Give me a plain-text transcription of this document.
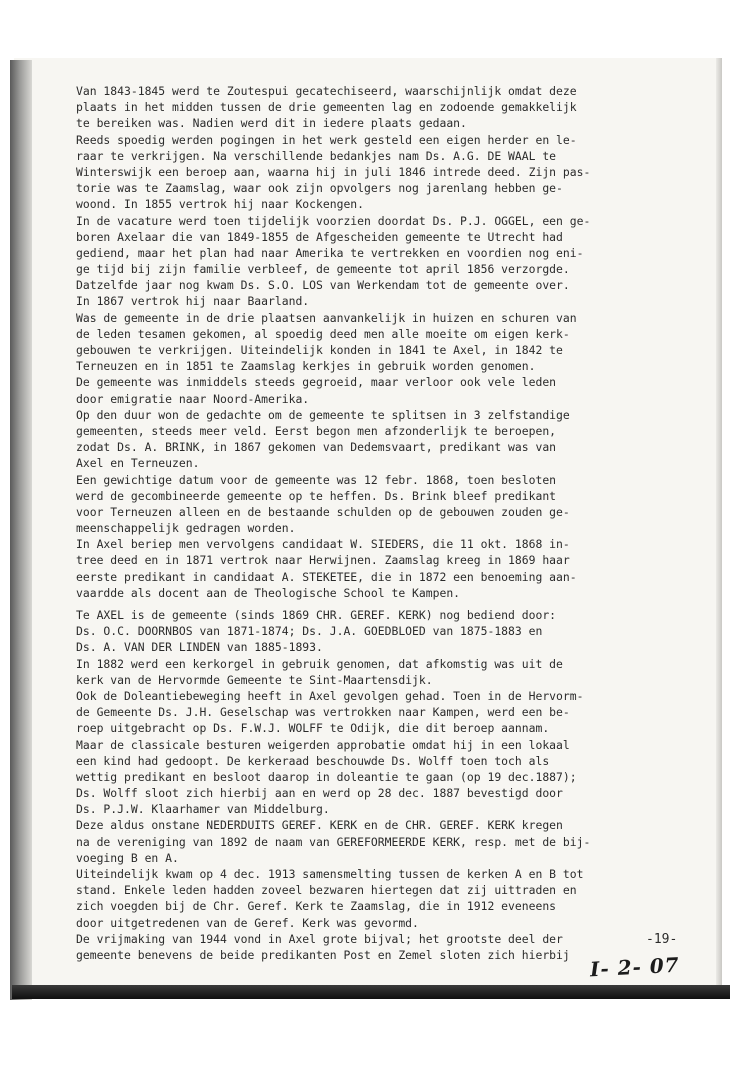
Van 1843-1845 werd te Zoutespui gecatechiseerd, waarschijnlijk omdat deze
plaats in het midden tussen de drie gemeenten lag en zodoende gemakkelijk
te bereiken was. Nadien werd dit in iedere plaats gedaan.
Reeds spoedig werden pogingen in het werk gesteld een eigen herder en le-
raar te verkrijgen. Na verschillende bedankjes nam Ds. A.G. DE WAAL te
Winterswijk een beroep aan, waarna hij in juli 1846 intrede deed. Zijn pas-
torie was te Zaamslag, waar ook zijn opvolgers nog jarenlang hebben ge-
woond. In 1855 vertrok hij naar Kockengen.
In de vacature werd toen tijdelijk voorzien doordat Ds. P.J. OGGEL, een ge-
boren Axelaar die van 1849-1855 de Afgescheiden gemeente te Utrecht had
gediend, maar het plan had naar Amerika te vertrekken en voordien nog eni-
ge tijd bij zijn familie verbleef, de gemeente tot april 1856 verzorgde.
Datzelfde jaar nog kwam Ds. S.O. LOS van Werkendam tot de gemeente over.
In 1867 vertrok hij naar Baarland.
Was de gemeente in de drie plaatsen aanvankelijk in huizen en schuren van
de leden tesamen gekomen, al spoedig deed men alle moeite om eigen kerk-
gebouwen te verkrijgen. Uiteindelijk konden in 1841 te Axel, in 1842 te
Terneuzen en in 1851 te Zaamslag kerkjes in gebruik worden genomen.
De gemeente was inmiddels steeds gegroeid, maar verloor ook vele leden
door emigratie naar Noord-Amerika.
Op den duur won de gedachte om de gemeente te splitsen in 3 zelfstandige
gemeenten, steeds meer veld. Eerst begon men afzonderlijk te beroepen,
zodat Ds. A. BRINK, in 1867 gekomen van Dedemsvaart, predikant was van
Axel en Terneuzen.
Een gewichtige datum voor de gemeente was 12 febr. 1868, toen besloten
werd de gecombineerde gemeente op te heffen. Ds. Brink bleef predikant
voor Terneuzen alleen en de bestaande schulden op de gebouwen zouden ge-
meenschappelijk gedragen worden.
In Axel beriep men vervolgens candidaat W. SIEDERS, die 11 okt. 1868 in-
tree deed en in 1871 vertrok naar Herwijnen. Zaamslag kreeg in 1869 haar
eerste predikant in candidaat A. STEKETEE, die in 1872 een benoeming aan-
vaardde als docent aan de Theologische School te Kampen.
Te AXEL is de gemeente (sinds 1869 CHR. GEREF. KERK) nog bediend door:
Ds. O.C. DOORNBOS van 1871-1874; Ds. J.A. GOEDBLOED van 1875-1883 en
Ds. A. VAN DER LINDEN van 1885-1893.
In 1882 werd een kerkorgel in gebruik genomen, dat afkomstig was uit de
kerk van de Hervormde Gemeente te Sint-Maartensdijk.
Ook de Doleantiebeweging heeft in Axel gevolgen gehad. Toen in de Hervorm-
de Gemeente Ds. J.H. Geselschap was vertrokken naar Kampen, werd een be-
roep uitgebracht op Ds. F.W.J. WOLFF te Odijk, die dit beroep aannam.
Maar de classicale besturen weigerden approbatie omdat hij in een lokaal
een kind had gedoopt. De kerkeraad beschouwde Ds. Wolff toen toch als
wettig predikant en besloot daarop in doleantie te gaan (op 19 dec.1887);
Ds. Wolff sloot zich hierbij aan en werd op 28 dec. 1887 bevestigd door
Ds. P.J.W. Klaarhamer van Middelburg.
Deze aldus onstane NEDERDUITS GEREF. KERK en de CHR. GEREF. KERK kregen
na de vereniging van 1892 de naam van GEREFORMEERDE KERK, resp. met de bij-
voeging B en A.
Uiteindelijk kwam op 4 dec. 1913 samensmelting tussen de kerken A en B tot
stand. Enkele leden hadden zoveel bezwaren hiertegen dat zij uittraden en
zich voegden bij de Chr. Geref. Kerk te Zaamslag, die in 1912 eveneens
door uitgetredenen van de Geref. Kerk was gevormd.
De vrijmaking van 1944 vond in Axel grote bijval; het grootste deel der
gemeente benevens de beide predikanten Post en Zemel sloten zich hierbij
-19-
I- 2- 07
